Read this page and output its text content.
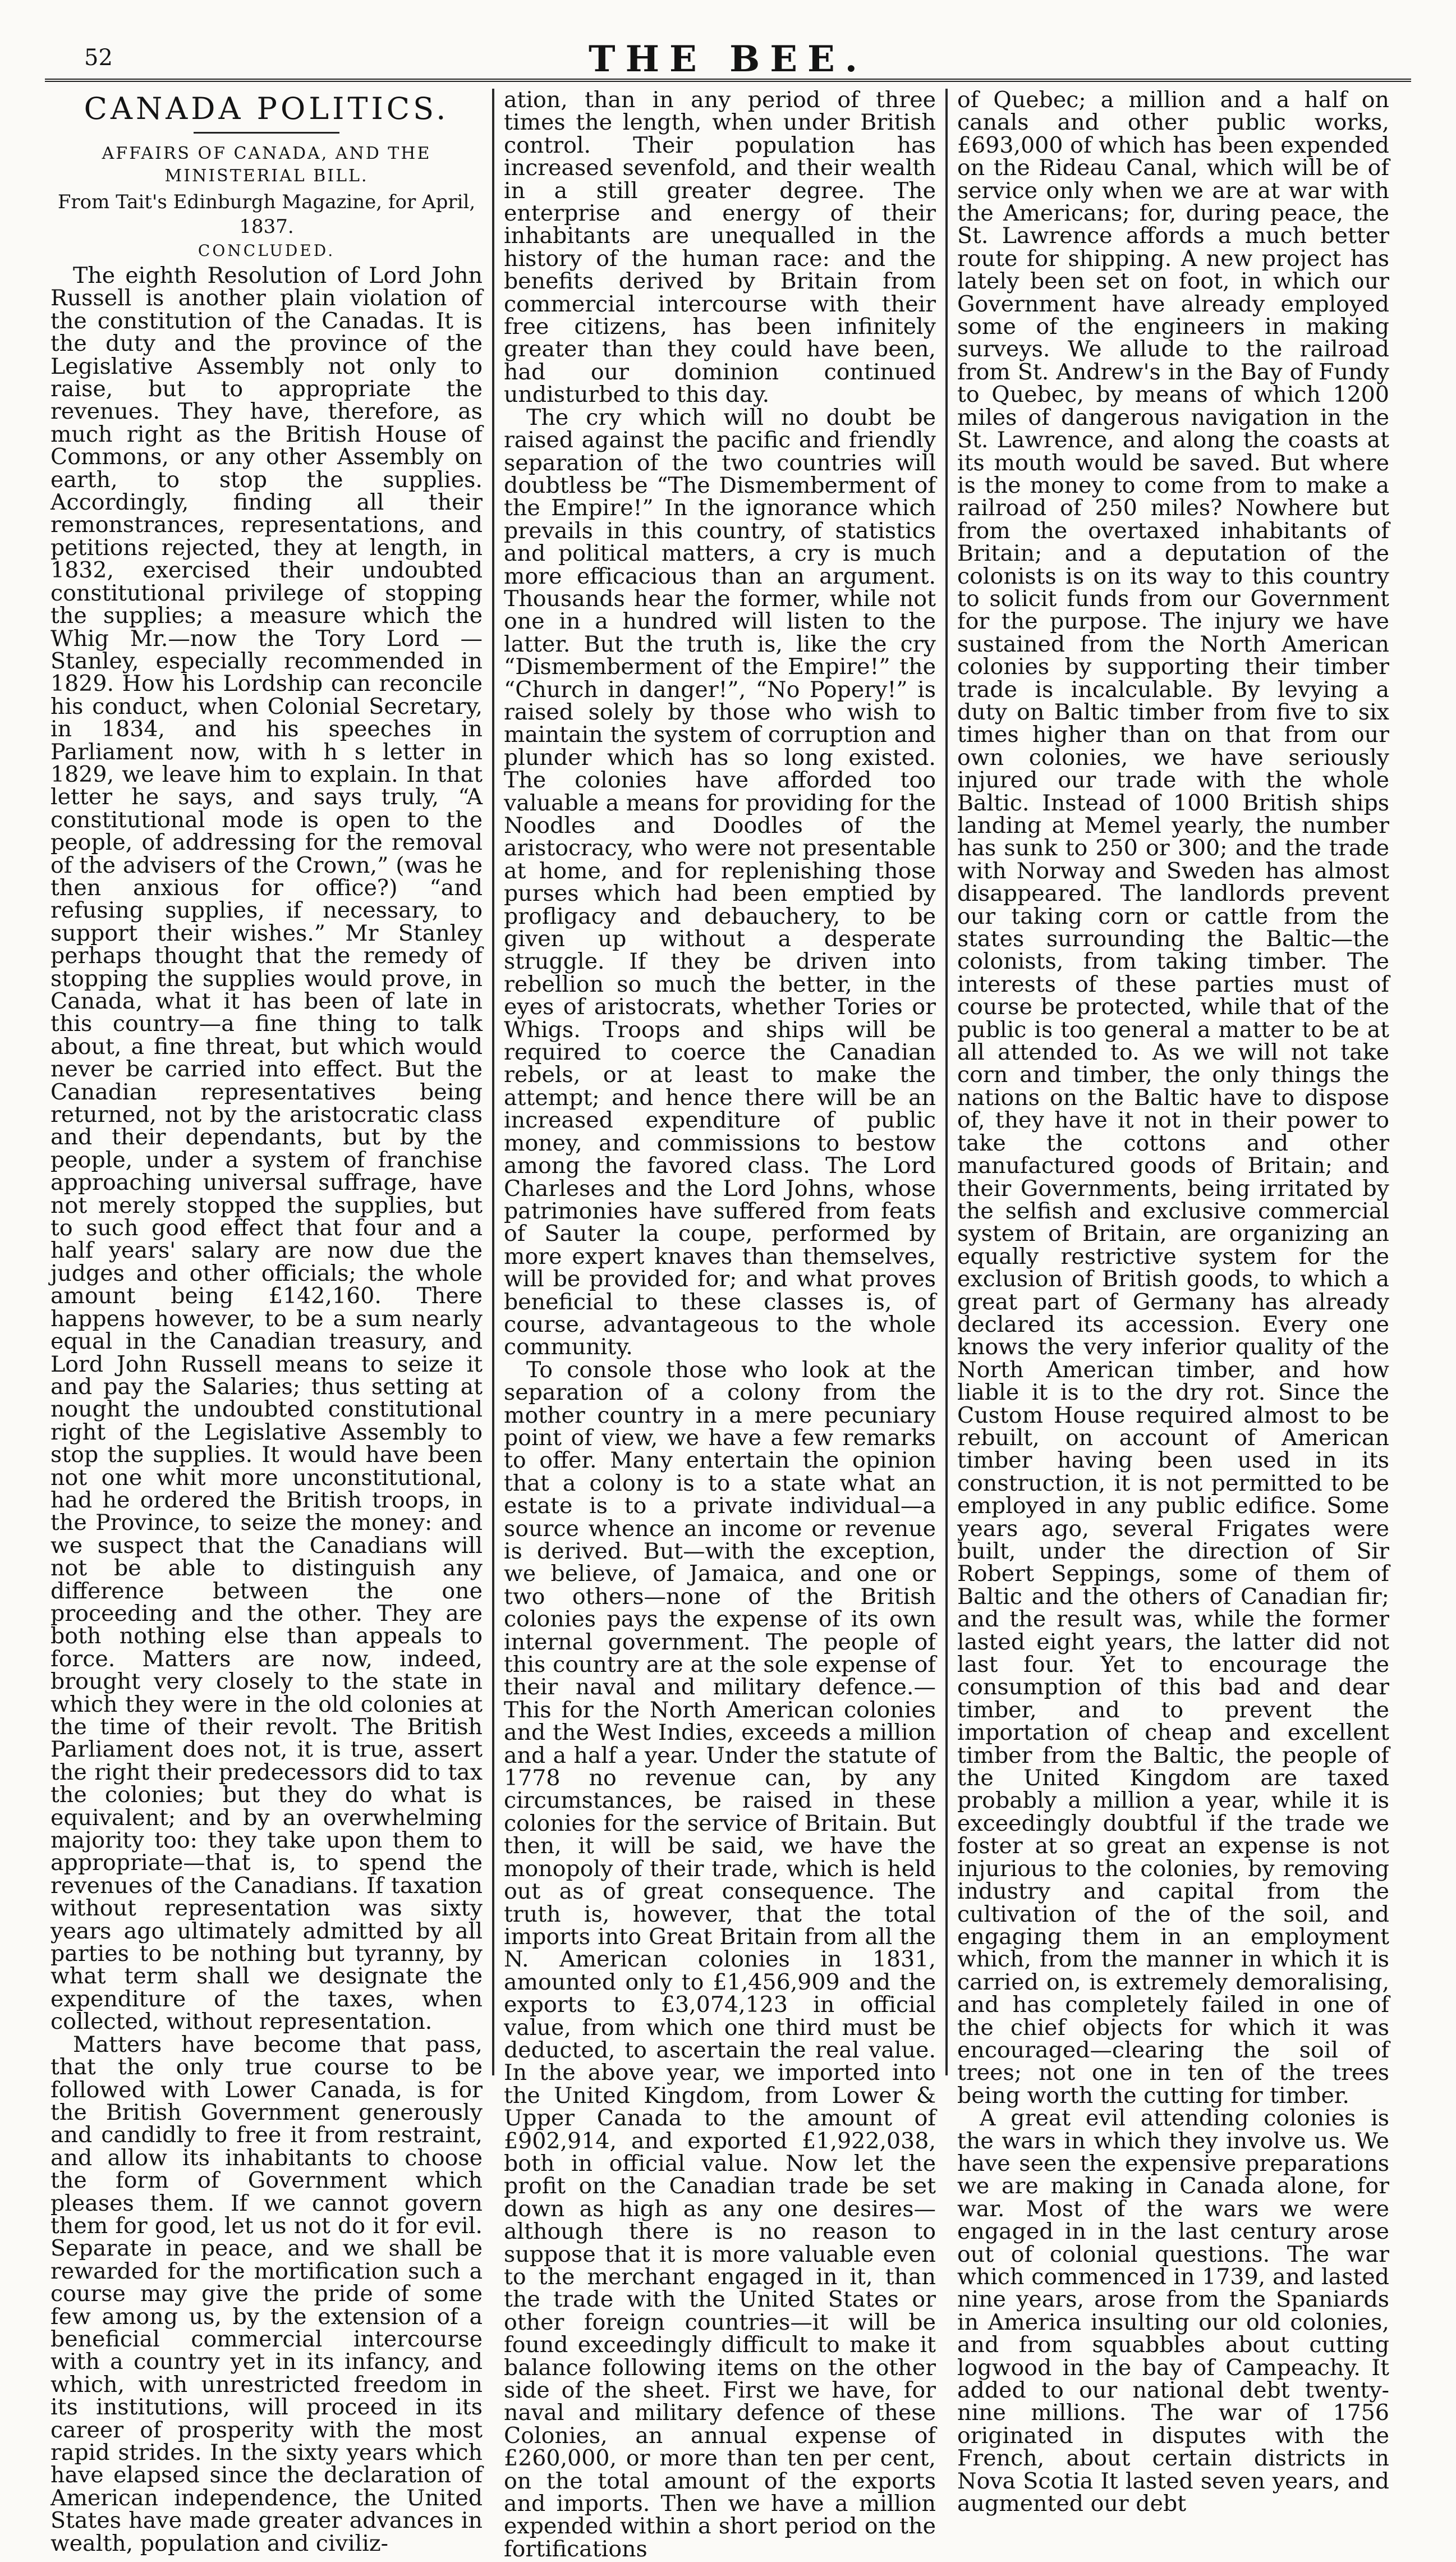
52	THE BEE.
CANADA POLITICS.
AFFAIRS OF CANADA, AND THE MINISTERIAL BILL.
From Tait's Edinburgh Magazine, for April, 1837.
CONCLUDED.

The eighth Resolution of Lord John Russell is another plain violation of the constitution of the Canadas. It is the duty and the province of the Legislative Assembly not only to raise, but to appropriate the revenues. They have, therefore, as much right as the British House of Commons, or any other Assembly on earth, to stop the supplies. Accordingly, finding all their remonstrances, representations, and petitions rejected, they at length, in 1832, exercised their undoubted constitutional privilege of stopping the supplies; a measure which the Whig Mr.—now the Tory Lord —Stanley, especially recommended in 1829. How his Lordship can reconcile his conduct, when Colonial Secretary, in 1834, and his speeches in Parliament now, with h s letter in 1829, we leave him to explain. In that letter he says, and says truly, “A constitutional mode is open to the people, of addressing for the removal of the advisers of the Crown,” (was he then anxious for office?) “and refusing supplies, if necessary, to support their wishes.” Mr Stanley perhaps thought that the remedy of stopping the supplies would prove, in Canada, what it has been of late in this country—a fine thing to talk about, a fine threat, but which would never be carried into effect. But the Canadian representatives being returned, not by the aristocratic class and their dependants, but by the people, under a system of franchise approaching universal suffrage, have not merely stopped the supplies, but to such good effect that four and a half years' salary are now due the judges and other officials; the whole amount being £142,160. There happens however, to be a sum nearly equal in the Canadian treasury, and Lord John Russell means to seize it and pay the Salaries; thus setting at nought the undoubted constitutional right of the Legislative Assembly to stop the supplies. It would have been not one whit more unconstitutional, had he ordered the British troops, in the Province, to seize the money: and we suspect that the Canadians will not be able to distinguish any difference between the one proceeding and the other. They are both nothing else than appeals to force. Matters are now, indeed, brought very closely to the state in which they were in the old colonies at the time of their revolt. The British Parliament does not, it is true, assert the right their predecessors did to tax the colonies; but they do what is equivalent; and by an overwhelming majority too: they take upon them to appropriate—that is, to spend the revenues of the Canadians. If taxation without representation was sixty years ago ultimately admitted by all parties to be nothing but tyranny, by what term shall we designate the expenditure of the taxes, when collected, without representation.

Matters have become that pass, that the only true course to be followed with Lower Canada, is for the British Government generously and candidly to free it from restraint, and allow its inhabitants to choose the form of Government which pleases them. If we cannot govern them for good, let us not do it for evil. Separate in peace, and we shall be rewarded for the mortification such a course may give the pride of some few among us, by the extension of a beneficial commercial intercourse with a country yet in its infancy, and which, with unrestricted freedom in its institutions, will proceed in its career of prosperity with the most rapid strides. In the sixty years which have elapsed since the declaration of American independence, the United States have made greater advances in wealth, population and civiliz-

ation, than in any period of three times the length, when under British control. Their population has increased sevenfold, and their wealth in a still greater degree. The enterprise and energy of their inhabitants are unequalled in the history of the human race: and the benefits derived by Britain from commercial intercourse with their free citizens, has been infinitely greater than they could have been, had our dominion continued undisturbed to this day.

The cry which will no doubt be raised against the pacific and friendly separation of the two countries will doubtless be “The Dismemberment of the Empire!” In the ignorance which prevails in this country, of statistics and political matters, a cry is much more efficacious than an argument. Thousands hear the former, while not one in a hundred will listen to the latter. But the truth is, like the cry “Dismemberment of the Empire!” the “Church in danger!”, “No Popery!” is raised solely by those who wish to maintain the system of corruption and plunder which has so long existed. The colonies have afforded too valuable a means for providing for the Noodles and Doodles of the aristocracy, who were not presentable at home, and for replenishing those purses which had been emptied by profligacy and debauchery, to be given up without a desperate struggle. If they be driven into rebellion so much the better, in the eyes of aristocrats, whether Tories or Whigs. Troops and ships will be required to coerce the Canadian rebels, or at least to make the attempt; and hence there will be an increased expenditure of public money, and commissions to bestow among the favored class. The Lord Charleses and the Lord Johns, whose patrimonies have suffered from feats of Sauter la coupe, performed by more expert knaves than themselves, will be provided for; and what proves beneficial to these classes is, of course, advantageous to the whole community.

To console those who look at the separation of a colony from the mother country in a mere pecuniary point of view, we have a few remarks to offer. Many entertain the opinion that a colony is to a state what an estate is to a private individual—a source whence an income or revenue is derived. But—with the exception, we believe, of Jamaica, and one or two others—none of the British colonies pays the expense of its own internal government. The people of this country are at the sole expense of their naval and military defence.—This for the North American colonies and the West Indies, exceeds a million and a half a year. Under the statute of 1778 no revenue can, by any circumstances, be raised in these colonies for the service of Britain. But then, it will be said, we have the monopoly of their trade, which is held out as of great consequence. The truth is, however, that the total imports into Great Britain from all the N. American colonies in 1831, amounted only to £1,456,909 and the exports to £3,074,123 in official value, from which one third must be deducted, to ascertain the real value. In the above year, we imported into the United Kingdom, from Lower & Upper Canada to the amount of £902,914, and exported £1,922,038, both in official value. Now let the profit on the Canadian trade be set down as high as any one desires—although there is no reason to suppose that it is more valuable even to the merchant engaged in it, than the trade with the United States or other foreign countries—it will be found exceedingly difficult to make it balance following items on the other side of the sheet. First we have, for naval and military defence of these Colonies, an annual expense of £260,000, or more than ten per cent, on the total amount of the exports and imports. Then we have a million expended within a short period on the fortifications

of Quebec; a million and a half on canals and other public works, £693,000 of which has been expended on the Rideau Canal, which will be of service only when we are at war with the Americans; for, during peace, the St. Lawrence affords a much better route for shipping. A new project has lately been set on foot, in which our Government have already employed some of the engineers in making surveys. We allude to the railroad from St. Andrew's in the Bay of Fundy to Quebec, by means of which 1200 miles of dangerous navigation in the St. Lawrence, and along the coasts at its mouth would be saved. But where is the money to come from to make a railroad of 250 miles? Nowhere but from the overtaxed inhabitants of Britain; and a deputation of the colonists is on its way to this country to solicit funds from our Government for the purpose. The injury we have sustained from the North American colonies by supporting their timber trade is incalculable. By levying a duty on Baltic timber from five to six times higher than on that from our own colonies, we have seriously injured our trade with the whole Baltic. Instead of 1000 British ships landing at Memel yearly, the number has sunk to 250 or 300; and the trade with Norway and Sweden has almost disappeared. The landlords prevent our taking corn or cattle from the states surrounding the Baltic—the colonists, from taking timber. The interests of these parties must of course be protected, while that of the public is too general a matter to be at all attended to. As we will not take corn and timber, the only things the nations on the Baltic have to dispose of, they have it not in their power to take the cottons and other manufactured goods of Britain; and their Governments, being irritated by the selfish and exclusive commercial system of Britain, are organizing an equally restrictive system for the exclusion of British goods, to which a great part of Germany has already declared its accession. Every one knows the very inferior quality of the North American timber, and how liable it is to the dry rot. Since the Custom House required almost to be rebuilt, on account of American timber having been used in its construction, it is not permitted to be employed in any public edifice. Some years ago, several Frigates were built, under the direction of Sir Robert Seppings, some of them of Baltic and the others of Canadian fir; and the result was, while the former lasted eight years, the latter did not last four. Yet to encourage the consumption of this bad and dear timber, and to prevent the importation of cheap and excellent timber from the Baltic, the people of the United Kingdom are taxed probably a million a year, while it is exceedingly doubtful if the trade we foster at so great an expense is not injurious to the colonies, by removing industry and capital from the cultivation of the of the soil, and engaging them in an employment which, from the manner in which it is carried on, is extremely demoralising, and has completely failed in one of the chief objects for which it was encouraged—clearing the soil of trees; not one in ten of the trees being worth the cutting for timber.

A great evil attending colonies is the wars in which they involve us. We have seen the expensive preparations we are making in Canada alone, for war. Most of the wars we were engaged in in the last century arose out of colonial questions. The war which commenced in 1739, and lasted nine years, arose from the Spaniards in America insulting our old colonies, and from squabbles about cutting logwood in the bay of Campeachy. It added to our national debt twenty-nine millions. The war of 1756 originated in disputes with the French, about certain districts in Nova Scotia It lasted seven years, and augmented our debt
